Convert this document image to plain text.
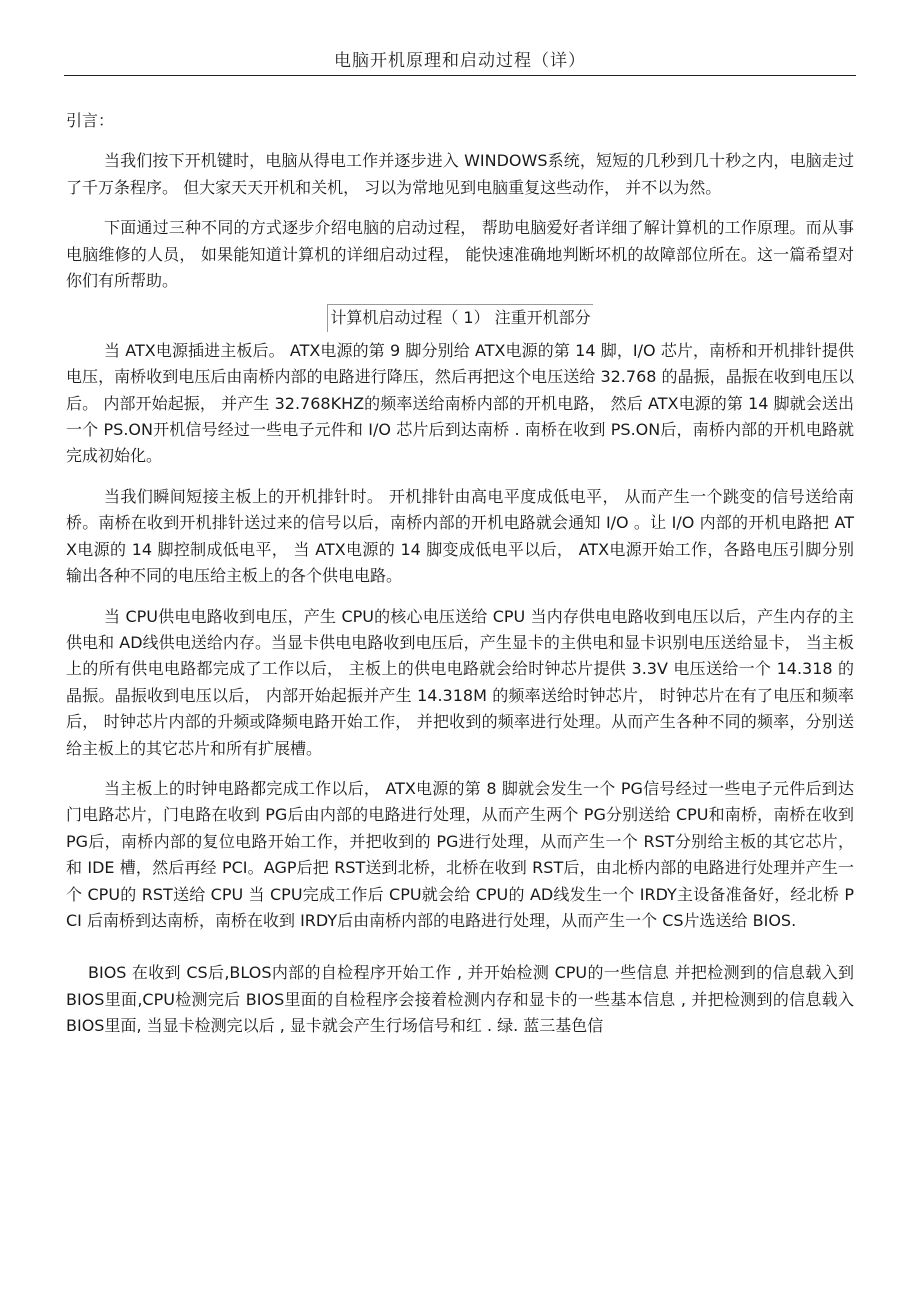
电脑开机原理和启动过程（详）

引言：

当我们按下开机键时，电脑从得电工作并逐步进入 WINDOWS系统，短短的几秒到几十秒之内，电脑走过了千万条程序。 但大家天天开机和关机， 习以为常地见到电脑重复这些动作， 并不以为然。

下面通过三种不同的方式逐步介绍电脑的启动过程， 帮助电脑爱好者详细了解计算机的工作原理。而从事电脑维修的人员， 如果能知道计算机的详细启动过程， 能快速准确地判断坏机的故障部位所在。这一篇希望对你们有所帮助。

计算机启动过程（ 1） 注重开机部分

当 ATX电源插进主板后。 ATX电源的第 9 脚分别给 ATX电源的第 14 脚，I/O 芯片，南桥和开机排针提供电压，南桥收到电压后由南桥内部的电路进行降压，然后再把这个电压送给 32.768 的晶振，晶振在收到电压以后。 内部开始起振， 并产生 32.768KHZ的频率送给南桥内部的开机电路， 然后 ATX电源的第 14 脚就会送出一个 PS.ON开机信号经过一些电子元件和 I/O 芯片后到达南桥 . 南桥在收到 PS.ON后，南桥内部的开机电路就完成初始化。

当我们瞬间短接主板上的开机排针时。 开机排针由高电平度成低电平， 从而产生一个跳变的信号送给南桥。南桥在收到开机排针送过来的信号以后，南桥内部的开机电路就会通知 I/O 。让 I/O 内部的开机电路把 ATX电源的 14 脚控制成低电平， 当 ATX电源的 14 脚变成低电平以后， ATX电源开始工作，各路电压引脚分别输出各种不同的电压给主板上的各个供电电路。

当 CPU供电电路收到电压，产生 CPU的核心电压送给 CPU 当内存供电电路收到电压以后，产生内存的主供电和 AD线供电送给内存。当显卡供电电路收到电压后，产生显卡的主供电和显卡识别电压送给显卡， 当主板上的所有供电电路都完成了工作以后， 主板上的供电电路就会给时钟芯片提供 3.3V 电压送给一个 14.318 的晶振。晶振收到电压以后， 内部开始起振并产生 14.318M 的频率送给时钟芯片， 时钟芯片在有了电压和频率后， 时钟芯片内部的升频或降频电路开始工作， 并把收到的频率进行处理。从而产生各种不同的频率，分别送给主板上的其它芯片和所有扩展槽。

当主板上的时钟电路都完成工作以后， ATX电源的第 8 脚就会发生一个 PG信号经过一些电子元件后到达门电路芯片，门电路在收到 PG后由内部的电路进行处理，从而产生两个 PG分别送给 CPU和南桥，南桥在收到 PG后，南桥内部的复位电路开始工作，并把收到的 PG进行处理，从而产生一个 RST分别给主板的其它芯片，和 IDE 槽，然后再经 PCI。AGP后把 RST送到北桥，北桥在收到 RST后，由北桥内部的电路进行处理并产生一个 CPU的 RST送给 CPU 当 CPU完成工作后 CPU就会给 CPU的 AD线发生一个 IRDY主设备准备好，经北桥 PCI 后南桥到达南桥，南桥在收到 IRDY后由南桥内部的电路进行处理，从而产生一个 CS片选送给 BIOS.

BIOS 在收到 CS后,BLOS内部的自检程序开始工作 , 并开始检测 CPU的一些信息 并把检测到的信息载入到 BIOS里面,CPU检测完后 BIOS里面的自检程序会接着检测内存和显卡的一些基本信息 , 并把检测到的信息载入 BIOS里面, 当显卡检测完以后 , 显卡就会产生行场信号和红 . 绿. 蓝三基色信
